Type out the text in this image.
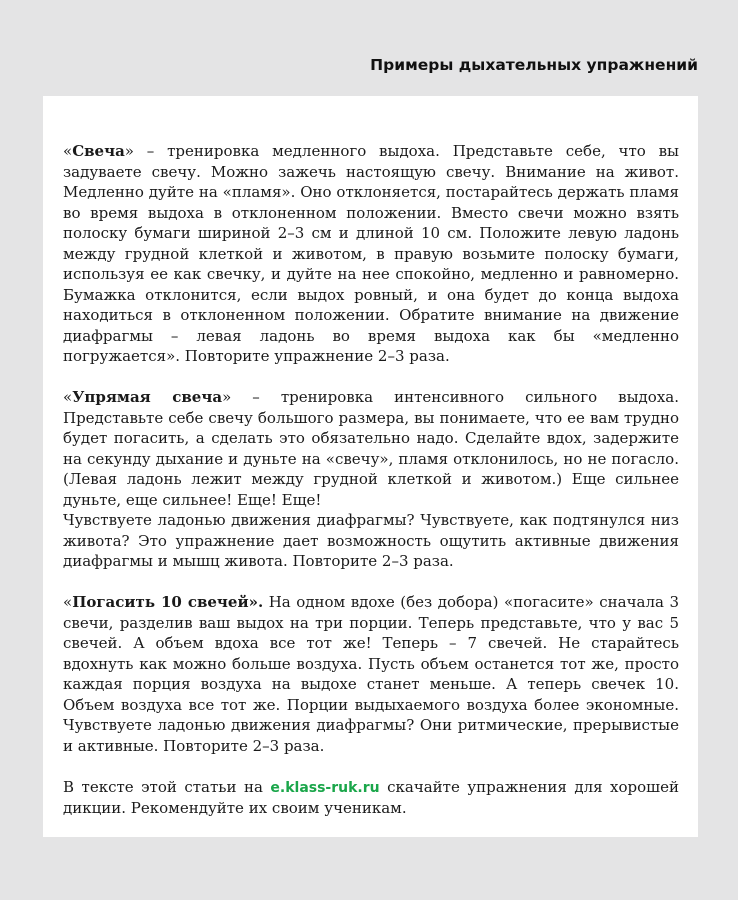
Примеры дыхательных упражнений

«Свеча» – тренировка медленного выдоха. Представьте себе, что вы задуваете свечу. Можно зажечь настоящую свечу. Внимание на живот. Медленно дуйте на «пламя». Оно отклоняется, постарайтесь держать пламя во время выдоха в отклоненном положении. Вместо свечи можно взять полоску бумаги шириной 2–3 см и длиной 10 см. Положите левую ладонь между грудной клеткой и животом, в правую возьмите полоску бумаги, используя ее как свечку, и дуйте на нее спокойно, медленно и равномерно. Бумажка отклонится, если выдох ровный, и она будет до конца выдоха находиться в отклоненном положении. Обратите внимание на движение диафрагмы – левая ладонь во время выдоха как бы «медленно погружается». Повторите упражнение 2–3 раза.

«Упрямая свеча» – тренировка интенсивного сильного выдоха. Представьте себе свечу большого размера, вы понимаете, что ее вам трудно будет погасить, а сделать это обязательно надо. Сделайте вдох, задержите на секунду дыхание и дуньте на «свечу», пламя отклонилось, но не погасло. (Левая ладонь лежит между грудной клеткой и животом.) Еще сильнее дуньте, еще сильнее! Еще! Еще!

Чувствуете ладонью движения диафрагмы? Чувствуете, как подтянулся низ живота? Это упражнение дает возможность ощутить активные движения диафрагмы и мышц живота. Повторите 2–3 раза.

«Погасить 10 свечей». На одном вдохе (без добора) «погасите» сначала 3 свечи, разделив ваш выдох на три порции. Теперь представьте, что у вас 5 свечей. А объем вдоха все тот же! Теперь – 7 свечей. Не старайтесь вдохнуть как можно больше воздуха. Пусть объем останется тот же, просто каждая порция воздуха на выдохе станет меньше. А теперь свечек 10. Объем воздуха все тот же. Порции выдыхаемого воздуха более экономные. Чувствуете ладонью движения диафрагмы? Они ритмические, прерывистые и активные. Повторите 2–3 раза.

В тексте этой статьи на e.klass-ruk.ru скачайте упражнения для хорошей дикции. Рекомендуйте их своим ученикам.
